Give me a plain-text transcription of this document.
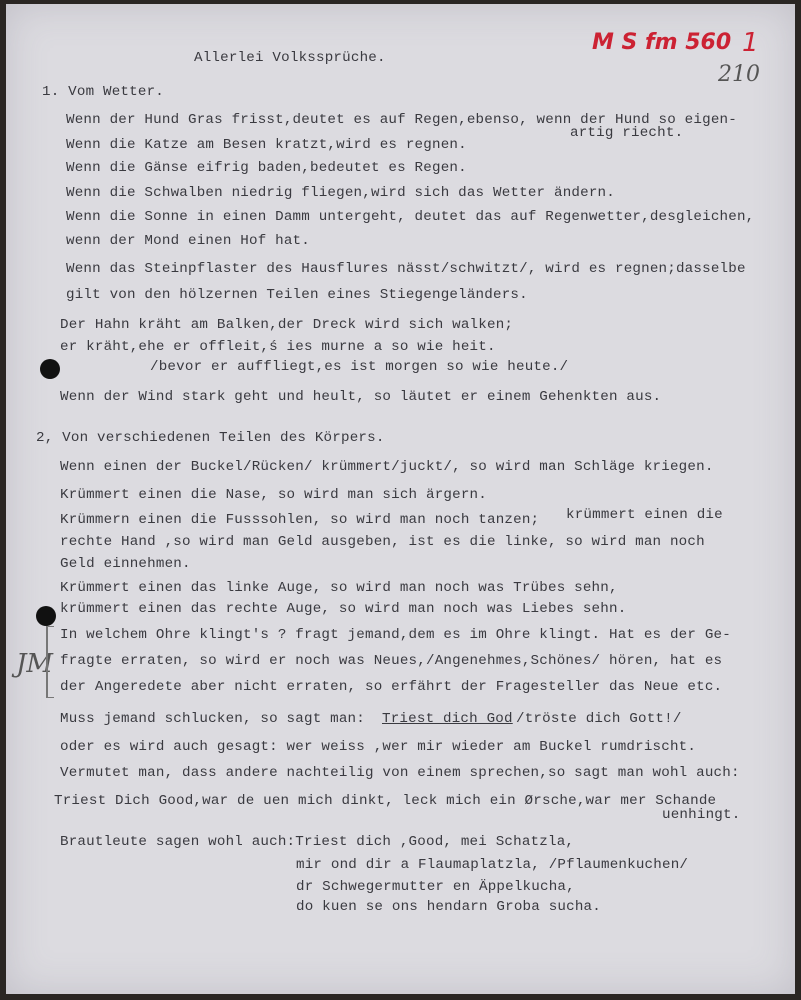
M S fm 560 1
210
Allerlei Volkssprüche.
1. Vom Wetter.
Wenn der Hund Gras frisst,deutet es auf Regen,ebenso, wenn der Hund so eigen-
artig riecht.
Wenn die Katze am Besen kratzt,wird es regnen.
Wenn die Gänse eifrig baden,bedeutet es Regen.
Wenn die Schwalben niedrig fliegen,wird sich das Wetter ändern.
Wenn die Sonne in einen Damm untergeht, deutet das auf Regenwetter,desgleichen,
wenn der Mond einen Hof hat.
Wenn das Steinpflaster des Hausflures nässt/schwitzt/, wird es regnen;dasselbe
gilt von den hölzernen Teilen eines Stiegengeländers.
Der Hahn kräht am Balken,der Dreck wird sich walken;
er kräht,ehe er offleit,ś ies murne a so wie heit.
/bevor er auffliegt,es ist morgen so wie heute./
Wenn der Wind stark geht und heult, so läutet er einem Gehenkten aus.
2, Von verschiedenen Teilen des Körpers.
Wenn einen der Buckel/Rücken/ krümmert/juckt/, so wird man Schläge kriegen.
Krümmert einen die Nase, so wird man sich ärgern.
Krümmern einen die Fusssohlen, so wird man noch tanzen; krümmert einen die
rechte Hand ,so wird man Geld ausgeben, ist es die linke, so wird man noch
Geld einnehmen.
Krümmert einen das linke Auge, so wird man noch was Trübes sehn,
krümmert einen das rechte Auge, so wird man noch was Liebes sehn.
JM
In welchem Ohre klingt's ? fragt jemand,dem es im Ohre klingt. Hat es der Ge-
fragte erraten, so wird er noch was Neues,/Angenehmes,Schönes/ hören, hat es
der Angeredete aber nicht erraten, so erfährt der Fragesteller das Neue etc.
Muss jemand schlucken, so sagt man: Triest dich God /tröste dich Gott!/
oder es wird auch gesagt: wer weiss ,wer mir wieder am Buckel rumdrischt.
Vermutet man, dass andere nachteilig von einem sprechen,so sagt man wohl auch:
Triest Dich Good,war de uen mich dinkt, leck mich ein Ørsche,war mer Schande
uenhingt.
Brautleute sagen wohl auch:Triest dich ,Good, mei Schatzla,
mir ond dir a Flaumaplatzla, /Pflaumenkuchen/
dr Schwegermutter en Äppelkucha,
do kuen se ons hendarn Groba sucha.
